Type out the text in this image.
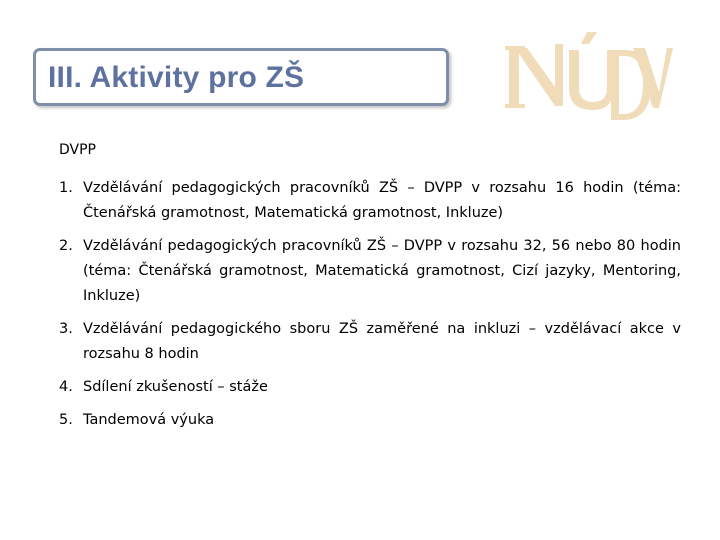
III. Aktivity pro ZŠ
DVPP
1. Vzdělávání pedagogických pracovníků ZŠ – DVPP v rozsahu 16 hodin (téma: Čtenářská gramotnost, Matematická gramotnost, Inkluze)
2. Vzdělávání pedagogických pracovníků ZŠ – DVPP v rozsahu 32, 56 nebo 80 hodin (téma: Čtenářská gramotnost, Matematická gramotnost, Cizí jazyky, Mentoring, Inkluze)
3. Vzdělávání pedagogického sboru ZŠ zaměřené na inkluzi – vzdělávací akce v rozsahu 8 hodin
4. Sdílení zkušeností – stáže
5. Tandemová výuka
